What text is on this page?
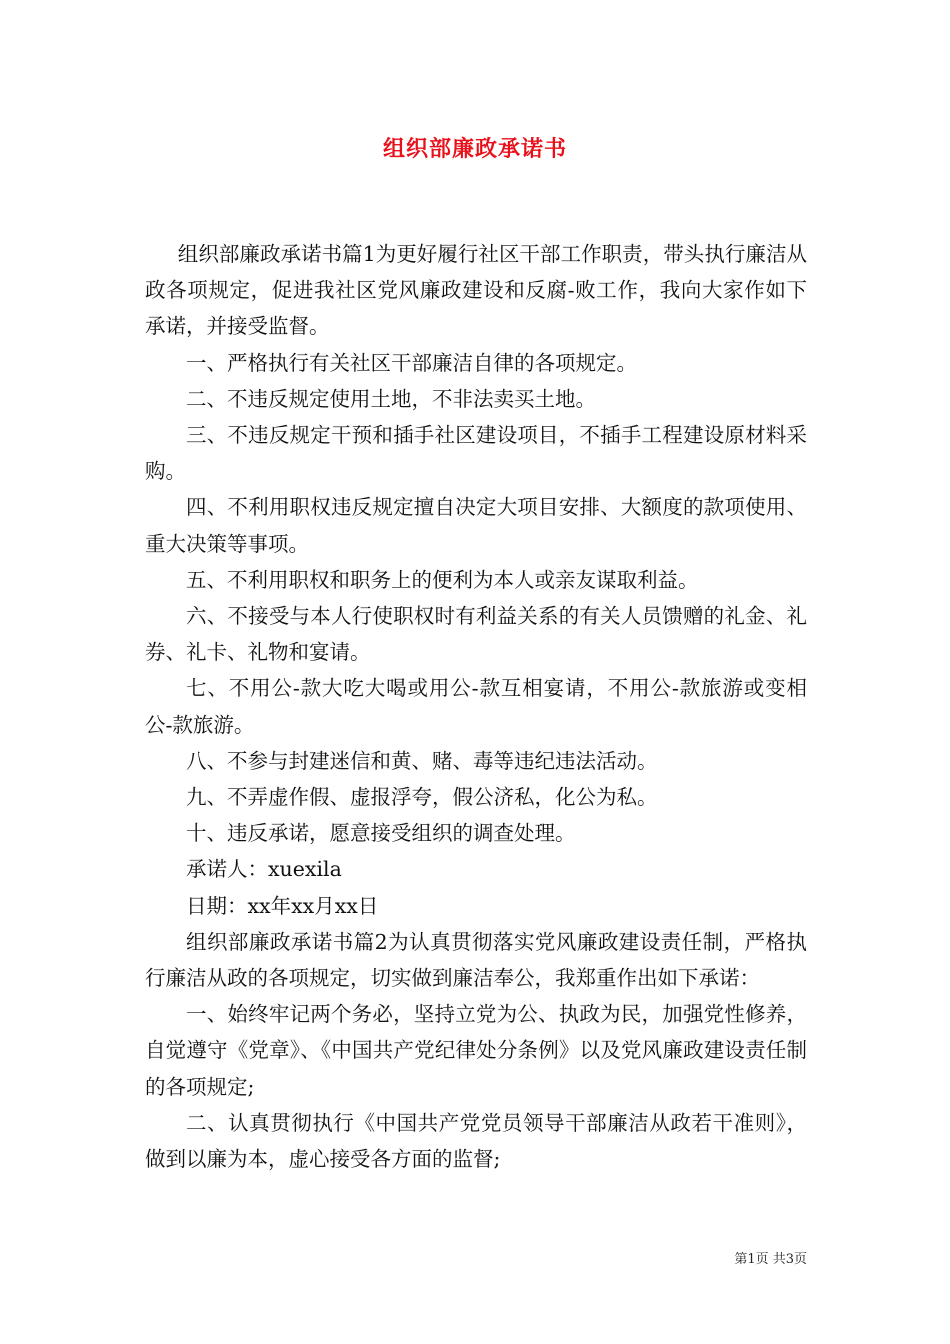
组织部廉政承诺书

组织部廉政承诺书篇1为更好履行社区干部工作职责，带头执行廉洁从政各项规定，促进我社区党风廉政建设和反腐-败工作，我向大家作如下承诺，并接受监督。

一、严格执行有关社区干部廉洁自律的各项规定。

二、不违反规定使用土地，不非法卖买土地。

三、不违反规定干预和插手社区建设项目，不插手工程建设原材料采购。

四、不利用职权违反规定擅自决定大项目安排、大额度的款项使用、重大决策等事项。

五、不利用职权和职务上的便利为本人或亲友谋取利益。

六、不接受与本人行使职权时有利益关系的有关人员馈赠的礼金、礼券、礼卡、礼物和宴请。

七、不用公-款大吃大喝或用公-款互相宴请，不用公-款旅游或变相公-款旅游。

八、不参与封建迷信和黄、赌、毒等违纪违法活动。

九、不弄虚作假、虚报浮夸，假公济私，化公为私。

十、违反承诺，愿意接受组织的调查处理。

承诺人：xuexila

日期：xx年xx月xx日

组织部廉政承诺书篇2为认真贯彻落实党风廉政建设责任制，严格执行廉洁从政的各项规定，切实做到廉洁奉公，我郑重作出如下承诺：

一、始终牢记两个务必，坚持立党为公、执政为民，加强党性修养，自觉遵守《党章》、《中国共产党纪律处分条例》以及党风廉政建设责任制的各项规定;

二、认真贯彻执行《中国共产党党员领导干部廉洁从政若干准则》，做到以廉为本，虚心接受各方面的监督;

第1页 共3页
